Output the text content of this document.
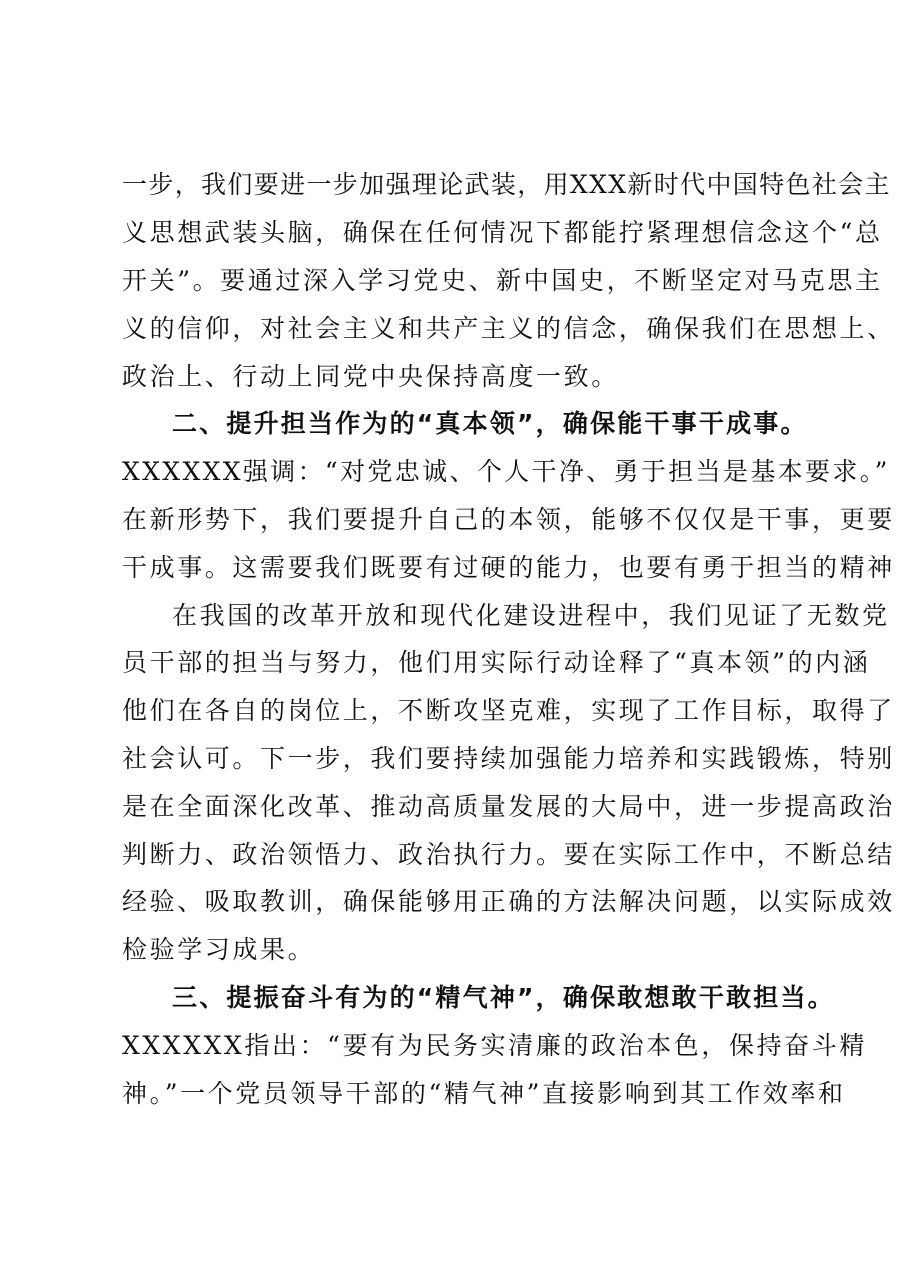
一步，我们要进一步加强理论武装，用XXX新时代中国特色社会主
义思想武装头脑，确保在任何情况下都能拧紧理想信念这个“总
开关”。要通过深入学习党史、新中国史，不断坚定对马克思主
义的信仰，对社会主义和共产主义的信念，确保我们在思想上、
政治上、行动上同党中央保持高度一致。
二、提升担当作为的“真本领”，确保能干事干成事。
XXXXXX强调：“对党忠诚、个人干净、勇于担当是基本要求。”
在新形势下，我们要提升自己的本领，能够不仅仅是干事，更要
干成事。这需要我们既要有过硬的能力，也要有勇于担当的精神
在我国的改革开放和现代化建设进程中，我们见证了无数党
员干部的担当与努力，他们用实际行动诠释了“真本领”的内涵
他们在各自的岗位上，不断攻坚克难，实现了工作目标，取得了
社会认可。下一步，我们要持续加强能力培养和实践锻炼，特别
是在全面深化改革、推动高质量发展的大局中，进一步提高政治
判断力、政治领悟力、政治执行力。要在实际工作中，不断总结
经验、吸取教训，确保能够用正确的方法解决问题，以实际成效
检验学习成果。
三、提振奋斗有为的“精气神”，确保敢想敢干敢担当。
XXXXXX指出：“要有为民务实清廉的政治本色，保持奋斗精
神。”一个党员领导干部的“精气神”直接影响到其工作效率和
